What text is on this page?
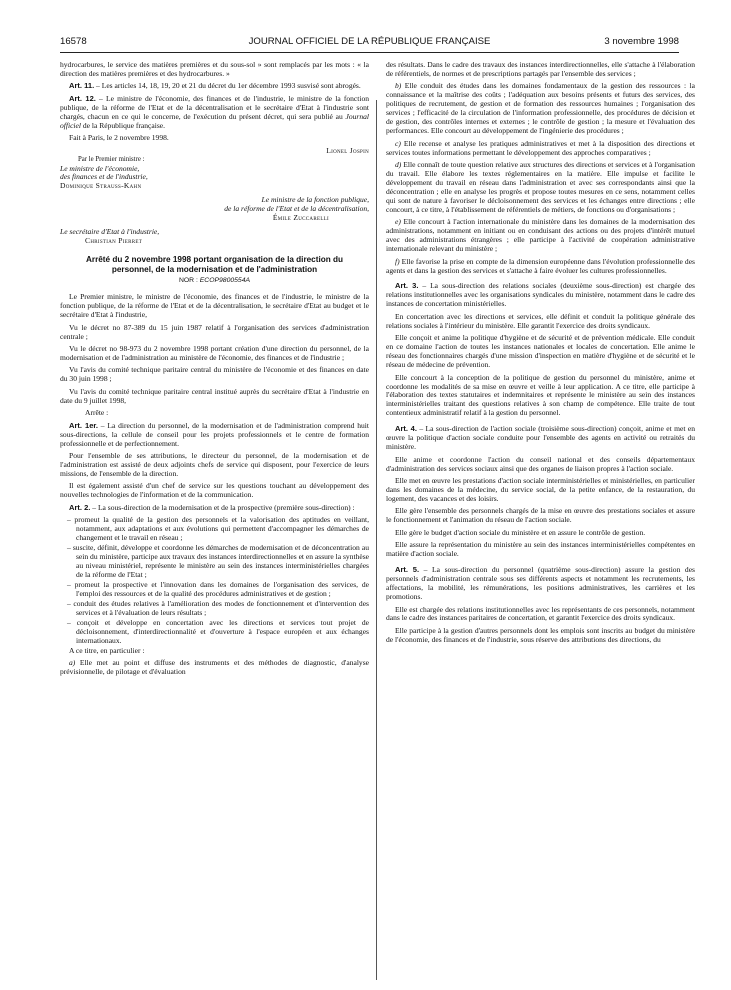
16578	JOURNAL OFFICIEL DE LA RÉPUBLIQUE FRANÇAISE	3 novembre 1998

hydrocarbures, le service des matières premières et du sous-sol » sont remplacés par les mots : « la direction des matières premières et des hydrocarbures. »

Art. 11. – Les articles 14, 18, 19, 20 et 21 du décret du 1er décembre 1993 susvisé sont abrogés.

Art. 12. – Le ministre de l'économie, des finances et de l'industrie, le ministre de la fonction publique, de la réforme de l'Etat et de la décentralisation et le secrétaire d'Etat à l'industrie sont chargés, chacun en ce qui le concerne, de l'exécution du présent décret, qui sera publié au Journal officiel de la République française.

Fait à Paris, le 2 novembre 1998.

Lionel Jospin

Par le Premier ministre :

Le ministre de l'économie,

des finances et de l'industrie,

Dominique Strauss-Kahn

Le ministre de la fonction publique,

de la réforme de l'Etat et de la décentralisation,

Émile Zuccarelli

Le secrétaire d'Etat à l'industrie,

Christian Pierret

Arrêté du 2 novembre 1998 portant organisation de la direction du personnel, de la modernisation et de l'administration
NOR : ECOP9800554A

Le Premier ministre, le ministre de l'économie, des finances et de l'industrie, le ministre de la fonction publique, de la réforme de l'Etat et de la décentralisation, le secrétaire d'Etat au budget et le secrétaire d'Etat à l'industrie,

Vu le décret no 87-389 du 15 juin 1987 relatif à l'organisation des services d'administration centrale ;

Vu le décret no 98-973 du 2 novembre 1998 portant création d'une direction du personnel, de la modernisation et de l'administration au ministère de l'économie, des finances et de l'industrie ;

Vu l'avis du comité technique paritaire central du ministère de l'économie et des finances en date du 30 juin 1998 ;

Vu l'avis du comité technique paritaire central institué auprès du secrétaire d'Etat à l'industrie en date du 9 juillet 1998,

Arrête :

Art. 1er. – La direction du personnel, de la modernisation et de l'administration comprend huit sous-directions, la cellule de conseil pour les projets professionnels et le centre de formation professionnelle et de perfectionnement.

Pour l'ensemble de ses attributions, le directeur du personnel, de la modernisation et de l'administration est assisté de deux adjoints chefs de service qui disposent, pour l'exercice de leurs missions, de l'ensemble de la direction.

Il est également assisté d'un chef de service sur les questions touchant au développement des nouvelles technologies de l'information et de la communication.

Art. 2. – La sous-direction de la modernisation et de la prospective (première sous-direction) :

– promeut la qualité de la gestion des personnels et la valorisation des aptitudes en veillant, notamment, aux adaptations et aux évolutions qui permettent d'accompagner les démarches de changement et le travail en réseau ;
– suscite, définit, développe et coordonne les démarches de modernisation et de déconcentration au sein du ministère, participe aux travaux des instances interdirectionnelles et en assure la synthèse au niveau ministériel, représente le ministère au sein des instances interministérielles chargées de la réforme de l'Etat ;
– promeut la prospective et l'innovation dans les domaines de l'organisation des services, de l'emploi des ressources et de la qualité des procédures administratives et de gestion ;
– conduit des études relatives à l'amélioration des modes de fonctionnement et d'intervention des services et à l'évaluation de leurs résultats ;
– conçoit et développe en concertation avec les directions et services tout projet de décloisonnement, d'interdirectionnalité et d'ouverture à l'espace européen et aux échanges internationaux.

A ce titre, en particulier :

a) Elle met au point et diffuse des instruments et des méthodes de diagnostic, d'analyse prévisionnelle, de pilotage et d'évaluation

des résultats. Dans le cadre des travaux des instances interdirectionnelles, elle s'attache à l'élaboration de référentiels, de normes et de prescriptions partagés par l'ensemble des services ;

b) Elle conduit des études dans les domaines fondamentaux de la gestion des ressources : la connaissance et la maîtrise des coûts ; l'adéquation aux besoins présents et futurs des services, des politiques de recrutement, de gestion et de formation des ressources humaines ; l'organisation des services ; l'efficacité de la circulation de l'information professionnelle, des procédures de décision et de gestion, des contrôles internes et externes ; le contrôle de gestion ; la mesure et l'évaluation des performances. Elle concourt au développement de l'ingénierie des procédures ;

c) Elle recense et analyse les pratiques administratives et met à la disposition des directions et services toutes informations permettant le développement des approches comparatives ;

d) Elle connaît de toute question relative aux structures des directions et services et à l'organisation du travail. Elle élabore les textes réglementaires en la matière. Elle impulse et facilite le développement du travail en réseau dans l'administration et avec ses correspondants ainsi que la déconcentration ; elle en analyse les progrès et propose toutes mesures en ce sens, notamment celles qui sont de nature à favoriser le décloisonnement des services et les échanges entre directions ; elle concourt, à ce titre, à l'établissement de référentiels de métiers, de fonctions ou d'organisations ;

e) Elle concourt à l'action internationale du ministère dans les domaines de la modernisation des administrations, notamment en initiant ou en conduisant des actions ou des projets d'intérêt mutuel avec des administrations étrangères ; elle participe à l'activité de coopération administrative internationale relevant du ministère ;

f) Elle favorise la prise en compte de la dimension européenne dans l'évolution professionnelle des agents et dans la gestion des services et s'attache à faire évoluer les cultures professionnelles.

Art. 3. – La sous-direction des relations sociales (deuxième sous-direction) est chargée des relations institutionnelles avec les organisations syndicales du ministère, notamment dans le cadre des instances de concertation ministérielles.

En concertation avec les directions et services, elle définit et conduit la politique générale des relations sociales à l'intérieur du ministère. Elle garantit l'exercice des droits syndicaux.

Elle conçoit et anime la politique d'hygiène et de sécurité et de prévention médicale. Elle conduit en ce domaine l'action de toutes les instances nationales et locales de concertation. Elle anime le réseau des fonctionnaires chargés d'une mission d'inspection en matière d'hygiène et de sécurité et le réseau de médecine de prévention.

Elle concourt à la conception de la politique de gestion du personnel du ministère, anime et coordonne les modalités de sa mise en œuvre et veille à leur application. A ce titre, elle participe à l'élaboration des textes statutaires et indemnitaires et représente le ministère au sein des instances interministérielles traitant des questions relatives à son champ de compétence. Elle traite de tout contentieux administratif relatif à la gestion du personnel.

Art. 4. – La sous-direction de l'action sociale (troisième sous-direction) conçoit, anime et met en œuvre la politique d'action sociale conduite pour l'ensemble des agents en activité ou retraités du ministère.

Elle anime et coordonne l'action du conseil national et des conseils départementaux d'administration des services sociaux ainsi que des organes de liaison propres à l'action sociale.

Elle met en œuvre les prestations d'action sociale interministérielles et ministérielles, en particulier dans les domaines de la médecine, du service social, de la petite enfance, de la restauration, du logement, des vacances et des loisirs.

Elle gère l'ensemble des personnels chargés de la mise en œuvre des prestations sociales et assure le fonctionnement et l'animation du réseau de l'action sociale.

Elle gère le budget d'action sociale du ministère et en assure le contrôle de gestion.

Elle assure la représentation du ministère au sein des instances interministérielles compétentes en matière d'action sociale.

Art. 5. – La sous-direction du personnel (quatrième sous-direction) assure la gestion des personnels d'administration centrale sous ses différents aspects et notamment les recrutements, les affectations, la mobilité, les rémunérations, les positions administratives, les carrières et les promotions.

Elle est chargée des relations institutionnelles avec les représentants de ces personnels, notamment dans le cadre des instances paritaires de concertation, et garantit l'exercice des droits syndicaux.

Elle participe à la gestion d'autres personnels dont les emplois sont inscrits au budget du ministère de l'économie, des finances et de l'industrie, sous réserve des attributions des directions, du
